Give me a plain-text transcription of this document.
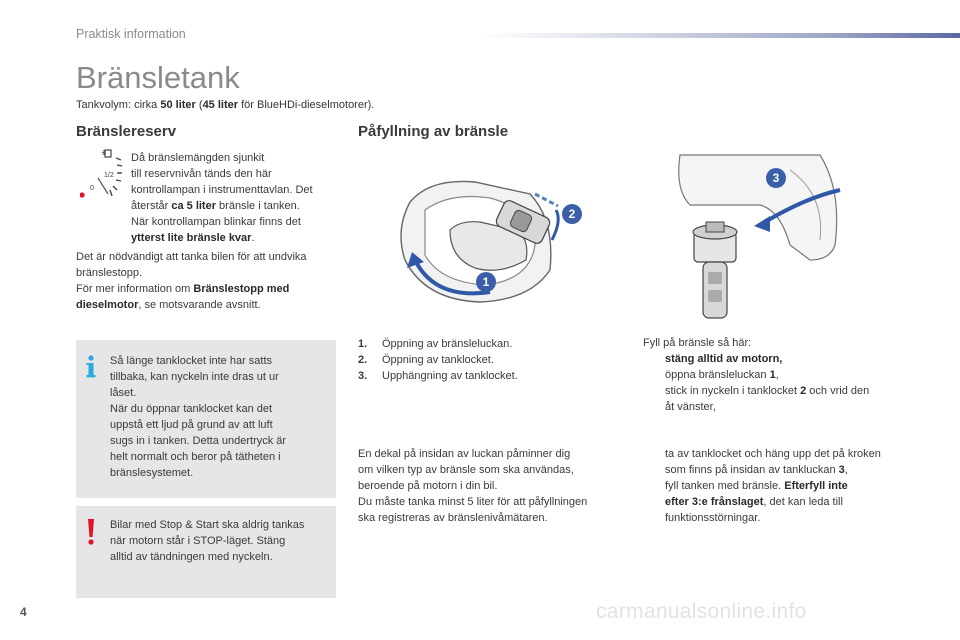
Praktisk information
Bränsletank
Tankvolym: cirka 50 liter (45 liter för BlueHDi-dieselmotorer).
Bränslereserv
1
1/2
0
Då bränslemängden sjunkit
till reservnivån tänds den här
kontrollampan i instrumenttavlan. Det
återstår ca 5 liter bränsle i tanken.
När kontrollampan blinkar finns det
ytterst lite bränsle kvar.
Det är nödvändigt att tanka bilen för att undvika
bränslestopp.
För mer information om Bränslestopp med
dieselmotor, se motsvarande avsnitt.
Så länge tanklocket inte har satts
tillbaka, kan nyckeln inte dras ut ur
låset.
När du öppnar tanklocket kan det
uppstå ett ljud på grund av att luft
sugs in i tanken. Detta undertryck är
helt normalt och beror på tätheten i
bränslesystemet.
Bilar med Stop & Start ska aldrig tankas
när motorn står i STOP-läget. Stäng
alltid av tändningen med nyckeln.
Påfyllning av bränsle
1
2
3
1.	Öppning av bränsleluckan.
2.	Öppning av tanklocket.
3.	Upphängning av tanklocket.
En dekal på insidan av luckan påminner dig
om vilken typ av bränsle som ska användas,
beroende på motorn i din bil.
Du måste tanka minst 5 liter för att påfyllningen
ska registreras av bränslenivåmätaren.
Fyll på bränsle så här:
stäng alltid av motorn,
öppna bränsleluckan 1,
stick in nyckeln i tanklocket 2 och vrid den
åt vänster,
ta av tanklocket och häng upp det på kroken
som finns på insidan av tankluckan 3,
fyll tanken med bränsle. Efterfyll inte
efter 3:e frånslaget, det kan leda till
funktionsstörningar.
4	carmanualsonline.info
